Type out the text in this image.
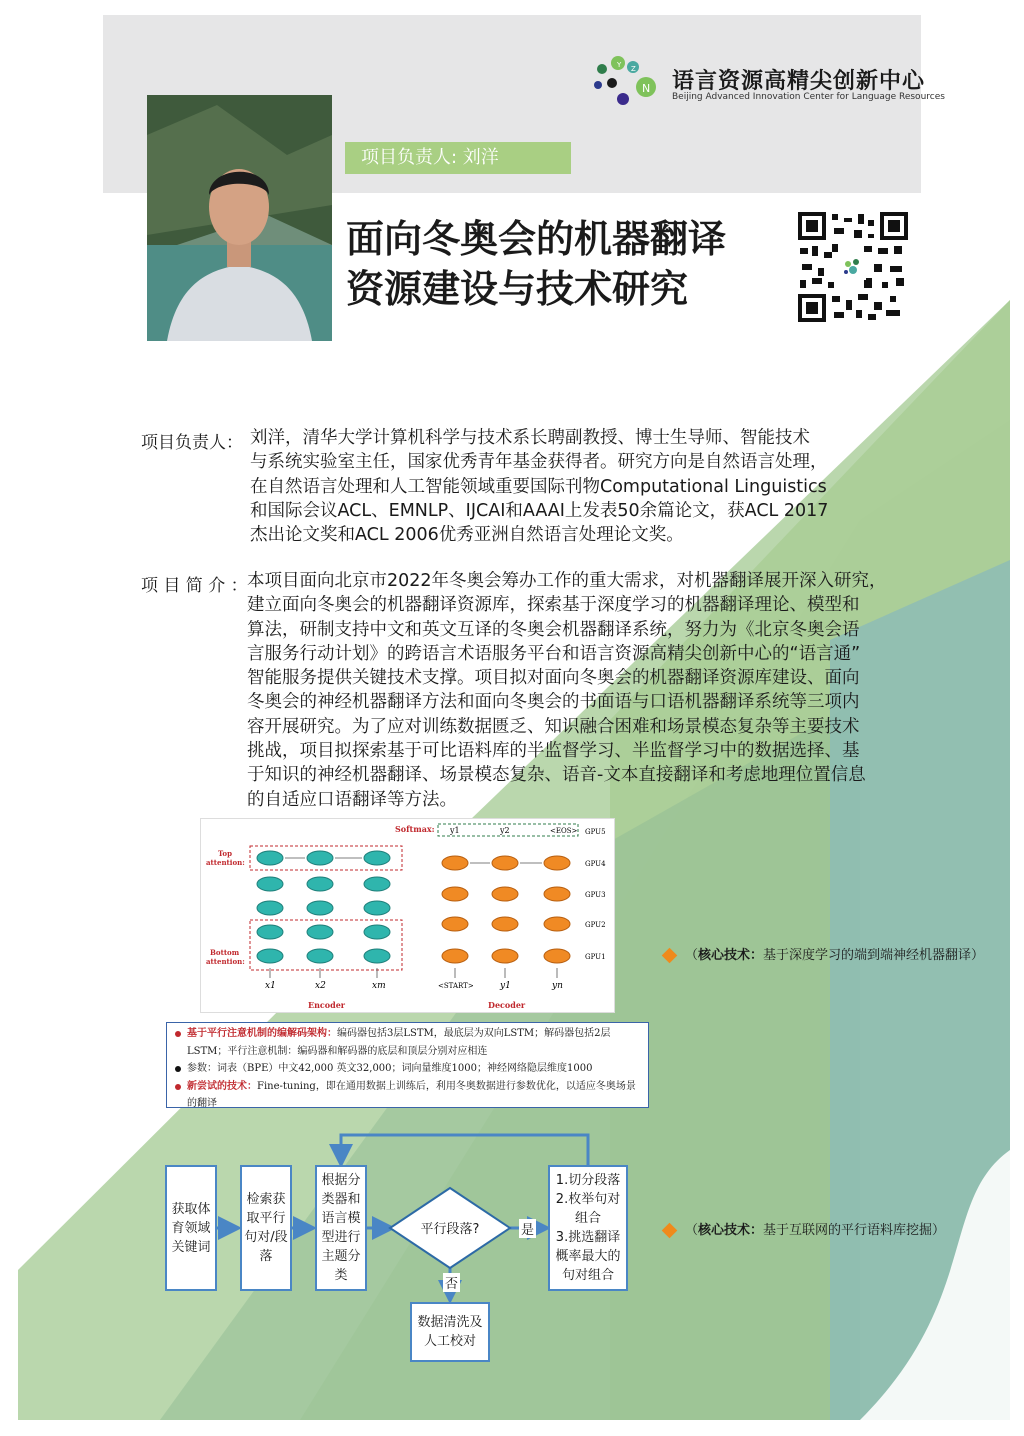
项目负责人: 刘洋
Y Z
N 语言资源高精尖创新中心
Beijing Advanced Innovation Center for Language Resources
面向冬奥会的机器翻译
资源建设与技术研究
项目负责人： 刘洋，清华大学计算机科学与技术系长聘副教授、博士生导师、智能技术
与系统实验室主任，国家优秀青年基金获得者。研究方向是自然语言处理，
在自然语言处理和人工智能领域重要国际刊物Computational Linguistics
和国际会议ACL、EMNLP、IJCAI和AAAI上发表50余篇论文，获ACL 2017
杰出论文奖和ACL 2006优秀亚洲自然语言处理论文奖。
项 目 简 介 ： 本项目面向北京市2022年冬奥会筹办工作的重大需求，对机器翻译展开深入研究，
建立面向冬奥会的机器翻译资源库，探索基于深度学习的机器翻译理论、模型和
算法，研制支持中文和英文互译的冬奥会机器翻译系统，努力为《北京冬奥会语
言服务行动计划》的跨语言术语服务平台和语言资源高精尖创新中心的“语言通”
智能服务提供关键技术支撑。项目拟对面向冬奥会的机器翻译资源库建设、面向
冬奥会的神经机器翻译方法和面向冬奥会的书面语与口语机器翻译系统等三项内
容开展研究。为了应对训练数据匮乏、知识融合困难和场景模态复杂等主要技术
挑战，项目拟探索基于可比语料库的半监督学习、半监督学习中的数据选择、基
于知识的神经机器翻译、场景模态复杂、语音-文本直接翻译和考虑地理位置信息
的自适应口语翻译等方法。
Softmax: y1	y2	<EOS>
Top
attention:
Bottom
attention:
GPU5
GPU4
GPU3
GPU2
GPU1
x1	x2	xm	<START>	y1	yn
Encoder	Decoder
基于平行注意机制的编解码架构：编码器包括3层LSTM，最底层为双向LSTM；解码器包括2层LSTM；平行注意机制：编码器和解码器的底层和顶层分别对应相连
参数：词表（BPE）中文42,000 英文32,000；词向量维度1000；神经网络隐层维度1000
新尝试的技术：Fine-tuning，即在通用数据上训练后，利用冬奥数据进行参数优化，以适应冬奥场景的翻译
（核心技术：基于深度学习的端到端神经机器翻译）
（核心技术：基于互联网的平行语料库挖掘）
获取体育领域关键词
检索获取平行句对/段落
根据分类器和语言模型进行主题分类
平行段落?	是
否
1.切分段落
2.枚举句对组合
3.挑选翻译概率最大的句对组合
数据清洗及人工校对
